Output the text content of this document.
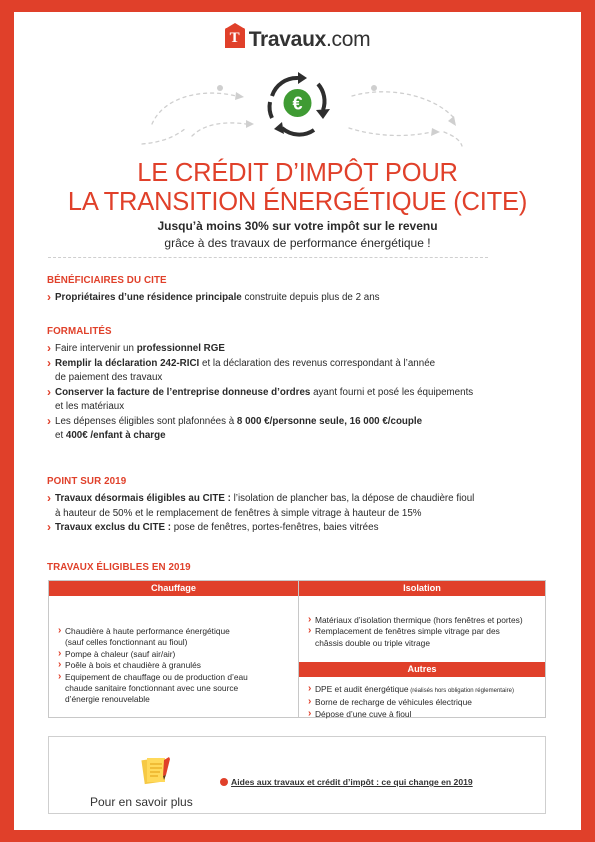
T Travaux.com
€
LE CRÉDIT D’IMPÔT POUR
LA TRANSITION ÉNERGÉTIQUE (CITE)
Jusqu’à moins 30% sur votre impôt sur le revenu
grâce à des travaux de performance énergétique !
BÉNÉFICIAIRES DU CITE
› Propriétaires d’une résidence principale construite depuis plus de 2 ans
FORMALITÉS
› Faire intervenir un professionnel RGE
› Remplir la déclaration 242-RICI et la déclaration des revenus correspondant à l’année
de paiement des travaux
› Conserver la facture de l’entreprise donneuse d’ordres ayant fourni et posé les équipements
et les matériaux
› Les dépenses éligibles sont plafonnées à 8 000 €/personne seule, 16 000 €/couple
et 400€ /enfant à charge
POINT SUR 2019
› Travaux désormais éligibles au CITE : l’isolation de plancher bas, la dépose de chaudière fioul
à hauteur de 50% et le remplacement de fenêtres à simple vitrage à hauteur de 15%
› Travaux exclus du CITE : pose de fenêtres, portes-fenêtres, baies vitrées
TRAVAUX ÉLIGIBLES EN 2019
Chauffage
› Chaudière à haute performance énergétique
(sauf celles fonctionnant au fioul)
› Pompe à chaleur (sauf air/air)
› Poêle à bois et chaudière à granulés
› Equipement de chauffage ou de production d’eau
chaude sanitaire fonctionnant avec une source
d’énergie renouvelable
Isolation
› Matériaux d’isolation thermique (hors fenêtres et portes)
› Remplacement de fenêtres simple vitrage par des
châssis double ou triple vitrage
Autres
› DPE et audit énergétique (réalisés hors obligation réglementaire)
› Borne de recharge de véhicules électrique
› Dépose d’une cuve à fioul
Pour en savoir plus
Aides aux travaux et crédit d’impôt : ce qui change en 2019
